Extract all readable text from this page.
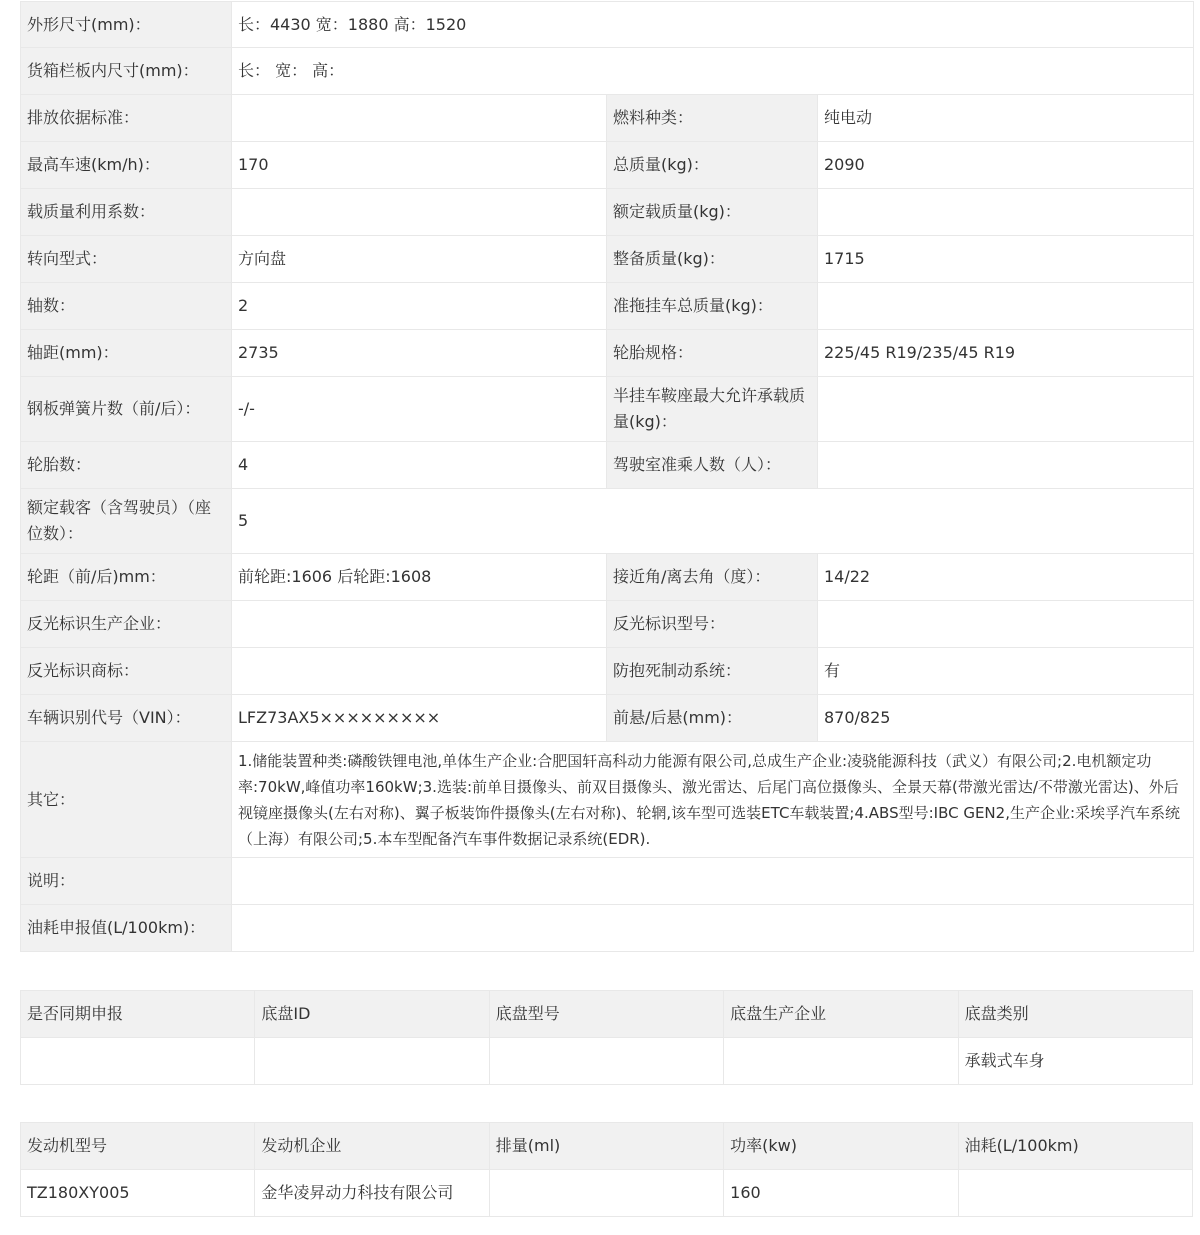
外形尺寸(mm)：	长：4430 宽：1880 高：1520		
货箱栏板内尺寸(mm)：	长： 宽： 高：		
排放依据标准：		燃料种类：	纯电动
最高车速(km/h)：	170	总质量(kg)：	2090
载质量利用系数：		额定载质量(kg)：	
转向型式：	方向盘	整备质量(kg)：	1715
轴数：	2	准拖挂车总质量(kg)：	
轴距(mm)：	2735	轮胎规格：	225/45 R19/235/45 R19
钢板弹簧片数（前/后）：	-/-	半挂车鞍座最大允许承载质量(kg)：	
轮胎数：	4	驾驶室准乘人数（人）：	
额定载客（含驾驶员）（座位数）：	5		
轮距（前/后)mm：	前轮距:1606 后轮距:1608	接近角/离去角（度）：	14/22
反光标识生产企业：		反光标识型号：	
反光标识商标：		防抱死制动系统：	有
车辆识别代号（VIN）：	LFZ73AX5×××××××××	前悬/后悬(mm)：	870/825
其它：	1.储能装置种类:磷酸铁锂电池,单体生产企业:合肥国轩高科动力能源有限公司,总成生产企业:凌骁能源科技（武义）有限公司;2.电机额定功率:70kW,峰值功率160kW;3.选装:前单目摄像头、前双目摄像头、激光雷达、后尾门高位摄像头、全景天幕(带激光雷达/不带激光雷达)、外后视镜座摄像头(左右对称)、翼子板装饰件摄像头(左右对称)、轮辋,该车型可选装ETC车载装置;4.ABS型号:IBC GEN2,生产企业:采埃孚汽车系统（上海）有限公司;5.本车型配备汽车事件数据记录系统(EDR).		
说明：			
油耗申报值(L/100km)：			
是否同期申报	底盘ID	底盘型号	底盘生产企业	底盘类别
				承载式车身
发动机型号	发动机企业	排量(ml)	功率(kw)	油耗(L/100km)
TZ180XY005	金华凌昇动力科技有限公司		160	
